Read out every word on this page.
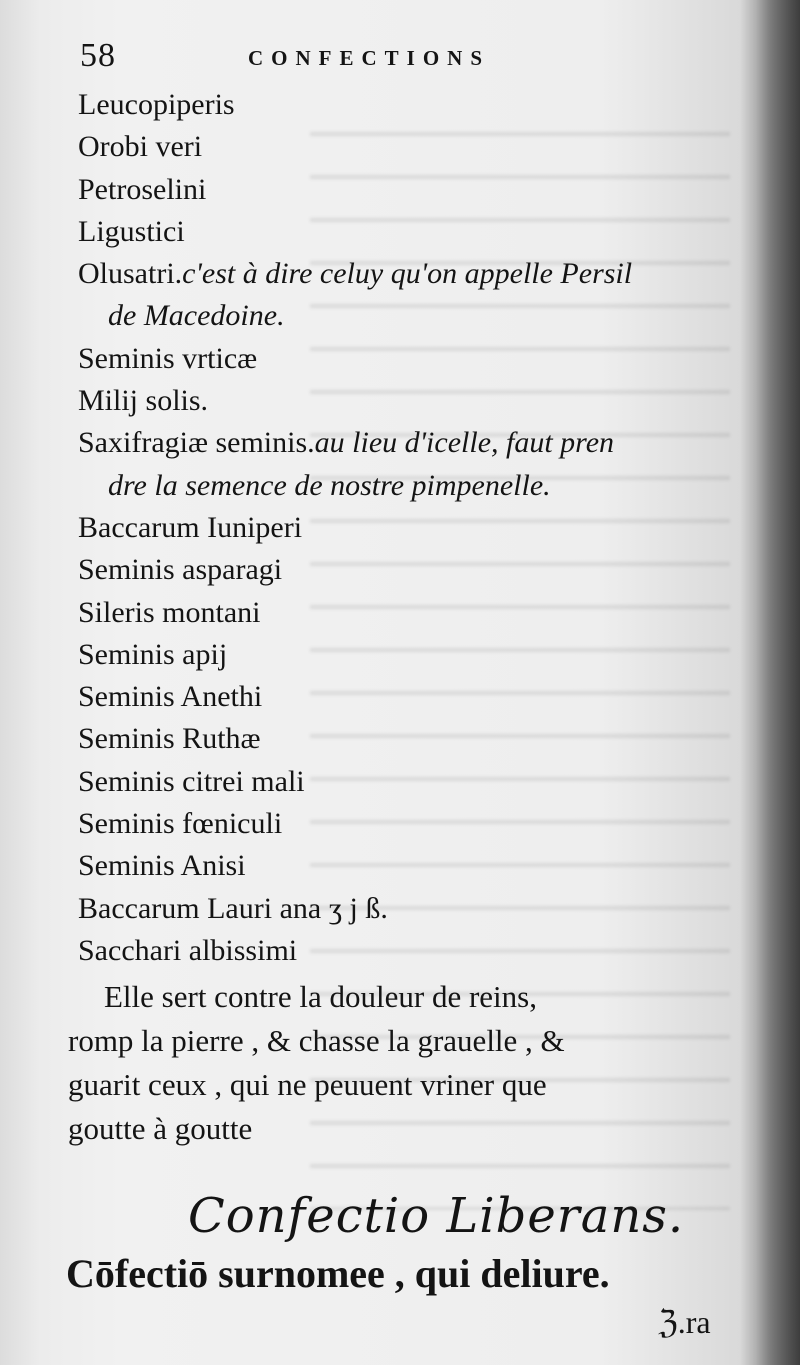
58	CONFECTIONS
Leucopiperis
Orobi veri
Petroselini
Ligustici
Olusatri.c'est à dire celuy qu'on appelle Persil
de Macedoine.
Seminis vrticæ
Milij solis.
Saxifragiæ seminis.au lieu d'icelle, faut pren
dre la semence de nostre pimpenelle.
Baccarum Iuniperi
Seminis asparagi
Sileris montani
Seminis apij
Seminis Anethi
Seminis Ruthæ
Seminis citrei mali
Seminis fœniculi
Seminis Anisi
Baccarum Lauri ana ʒ j ß.
Sacchari albissimi
Elle sert contre la douleur de reins,
romp la pierre , & chasse la grauelle , &
guarit ceux , qui ne peuuent vriner que
goutte à goutte
Confectio Liberans.
Cōfectiō surnomee , qui deliure.
ℨ.ra
